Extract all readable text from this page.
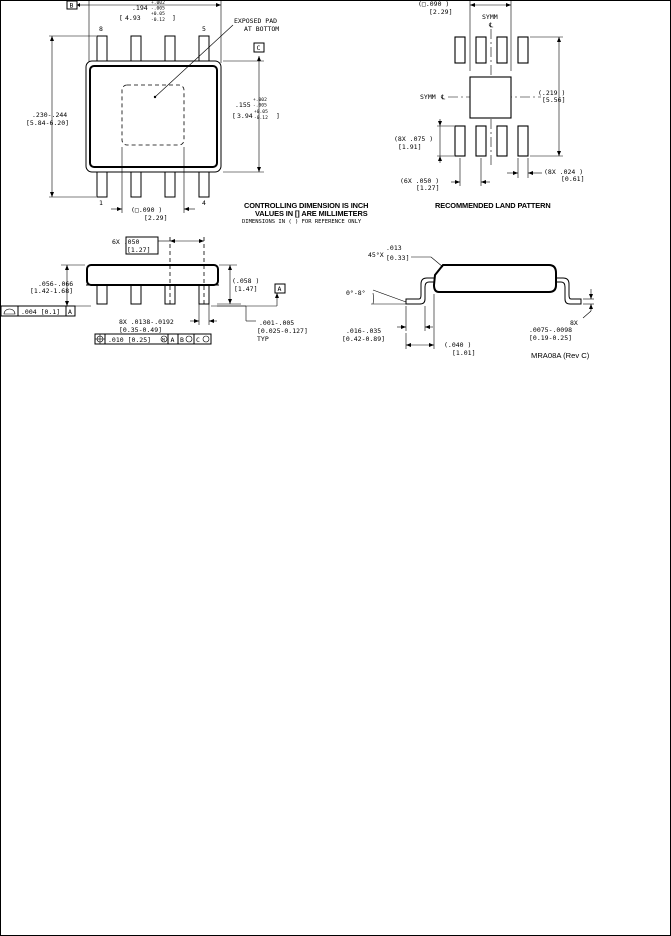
B	.194
+.002
-.005
[ 4.93 +0.05
-0.12 ]
8	5
1	4
EXPOSED PAD
AT BOTTOM
.230-.244
[5.84-6.20]
C
.155
+.002
-.005
[ 3.94 +0.05
-0.12 ]
(□.090 )
[2.29]
CONTROLLING DIMENSION IS INCH
VALUES IN [] ARE MILLIMETERS
DIMENSIONS IN ( ) FOR REFERENCE ONLY
(□.090 )
[2.29]
SYMM
℄
SYMM ℄	(.219 )
[5.56]
(8X .075 )
[1.91]
(8X .024 )
[0.61]
(6X .050 )
[1.27]
RECOMMENDED LAND PATTERN
6X .050
[1.27]
.056-.066
[1.42-1.68]
(.058 )
[1.47]	A
.004 [0.1] A
8X .0138-.0192
[0.35-0.49]
.010 [0.25] M A B C
.001-.005
[0.025-0.127]
TYP
.013
45°X [0.33]
0°-8°
.016-.035
[0.42-0.89]
(.040 )
[1.01]
8X
.0075-.0098
[0.19-0.25]
MRA08A (Rev C)
